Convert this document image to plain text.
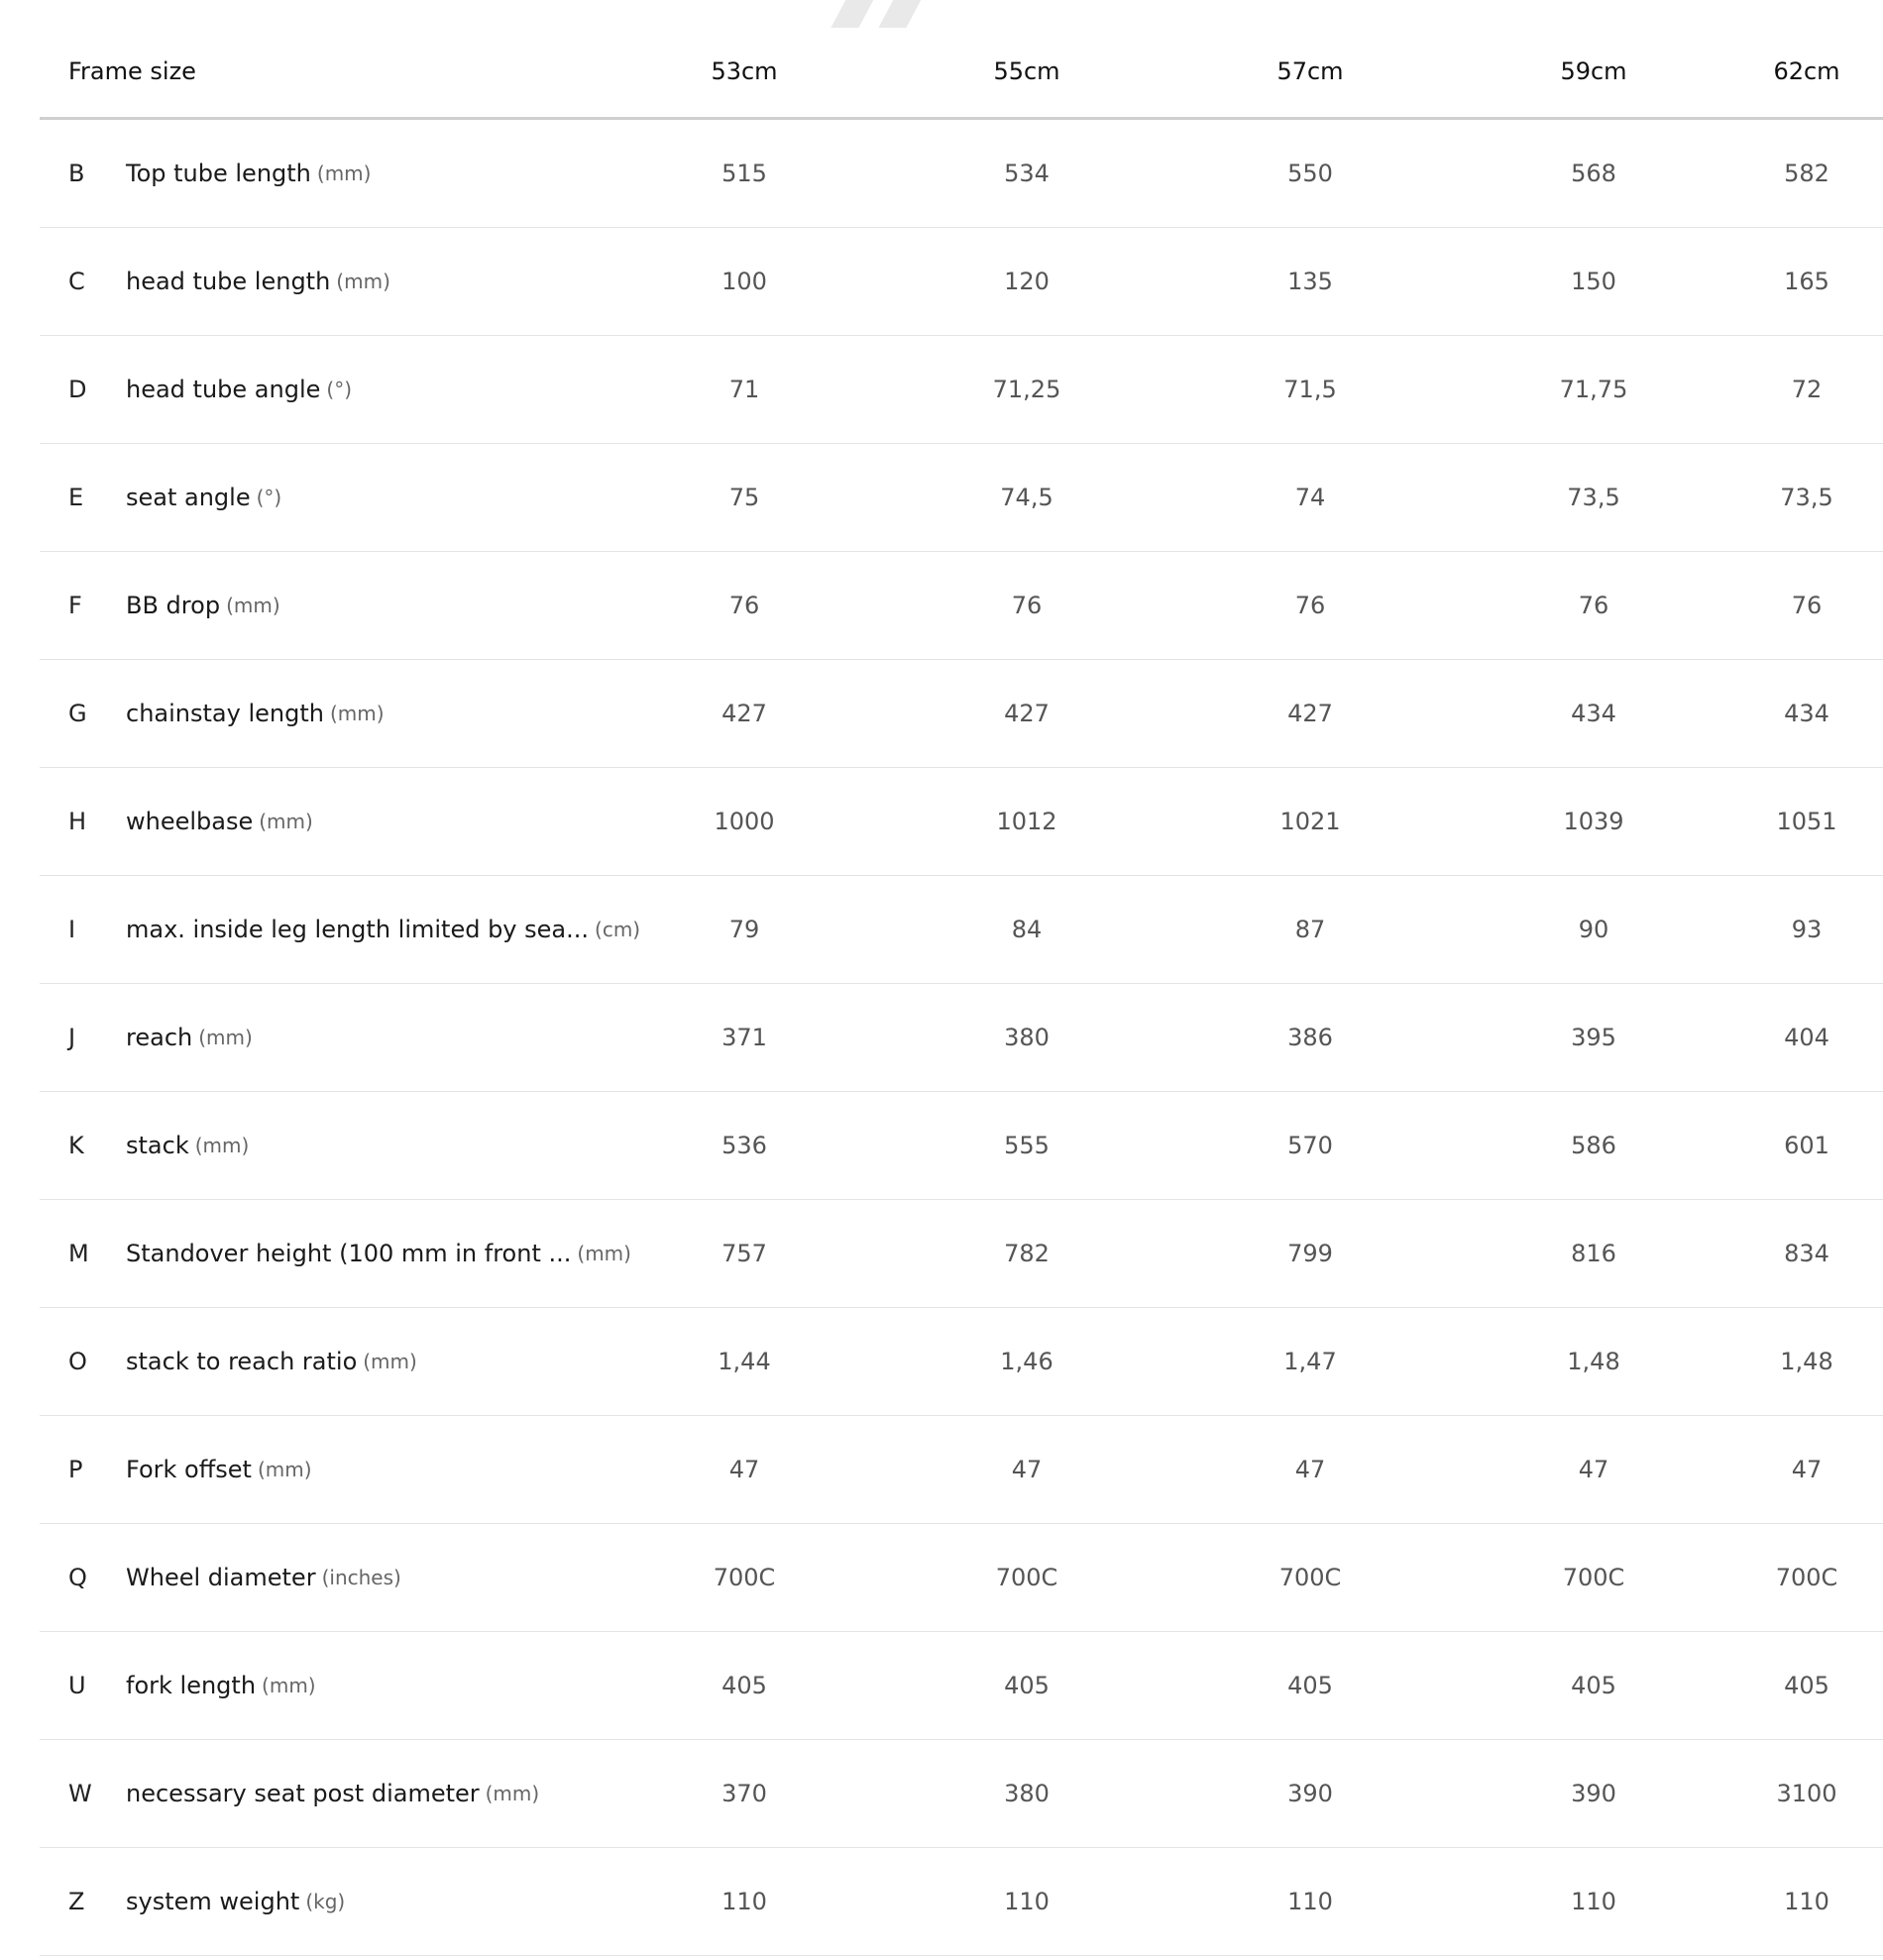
Frame size	53cm	55cm	57cm	59cm	62cm
B Top tube length (mm)	515	534	550	568	582
C head tube length (mm)	100	120	135	150	165
D head tube angle (°)	71	71,25	71,5	71,75	72
E seat angle (°)	75	74,5	74	73,5	73,5
F BB drop (mm)	76	76	76	76	76
G chainstay length (mm)	427	427	427	434	434
H wheelbase (mm)	1000	1012	1021	1039	1051
I max. inside leg length limited by sea... (cm)	79	84	87	90	93
J reach (mm)	371	380	386	395	404
K stack (mm)	536	555	570	586	601
M Standover height (100 mm in front ... (mm)	757	782	799	816	834
O stack to reach ratio (mm)	1,44	1,46	1,47	1,48	1,48
P Fork offset (mm)	47	47	47	47	47
Q Wheel diameter (inches)	700C	700C	700C	700C	700C
U fork length (mm)	405	405	405	405	405
W necessary seat post diameter (mm)	370	380	390	390	3100
Z system weight (kg)	110	110	110	110	110
